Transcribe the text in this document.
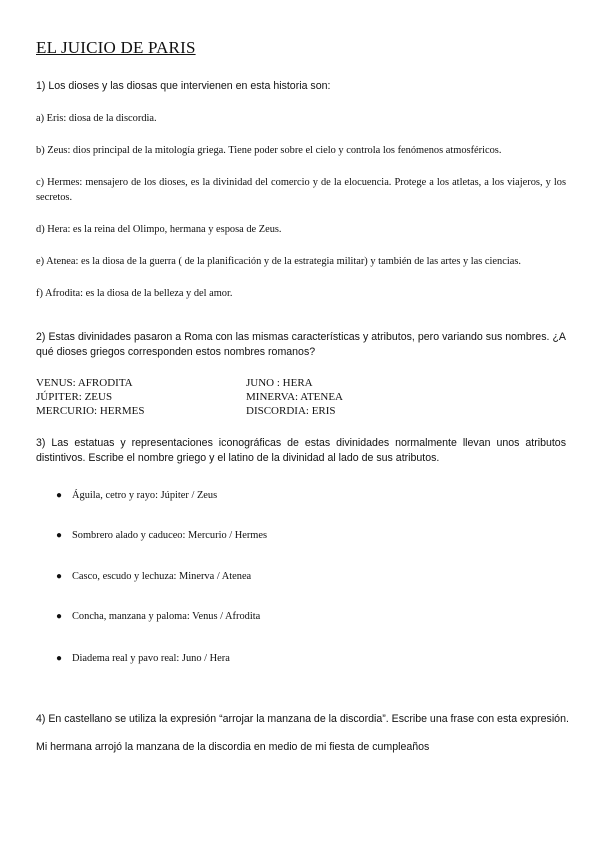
EL JUICIO DE PARIS
1) Los dioses y las diosas que intervienen en esta historia son:
a) Eris: diosa de la discordia.
b) Zeus: dios principal de la mitología griega. Tiene poder sobre el cielo y controla los fenómenos atmosféricos.
c) Hermes: mensajero de los dioses, es la divinidad del comercio y de la elocuencia. Protege a los atletas, a los viajeros, y los secretos.
d) Hera: es la reina del Olimpo, hermana y esposa de Zeus.
e) Atenea: es la diosa de la guerra ( de la planificación y de la estrategia militar) y también de las artes y las ciencias.
f) Afrodita: es la diosa de la belleza y del amor.
2) Estas divinidades pasaron a Roma con las mismas características y atributos, pero variando sus nombres. ¿A qué dioses griegos corresponden estos nombres romanos?
VENUS: AFRODITA
JÚPITER: ZEUS
MERCURIO: HERMES
JUNO : HERA
MINERVA: ATENEA
DISCORDIA: ERIS
3) Las estatuas y representaciones iconográficas de estas divinidades normalmente llevan unos atributos distintivos. Escribe el nombre griego y el latino de la divinidad al lado de sus atributos.
● Águila, cetro y rayo: Júpiter / Zeus
● Sombrero alado y caduceo: Mercurio / Hermes
● Casco, escudo y lechuza: Minerva / Atenea
● Concha, manzana y paloma: Venus / Afrodita
● Diadema real y pavo real: Juno / Hera
4) En castellano se utiliza la expresión “arrojar la manzana de la discordia”. Escribe una frase con esta expresión.
Mi hermana arrojó la manzana de la discordia en medio de mi fiesta de cumpleaños
